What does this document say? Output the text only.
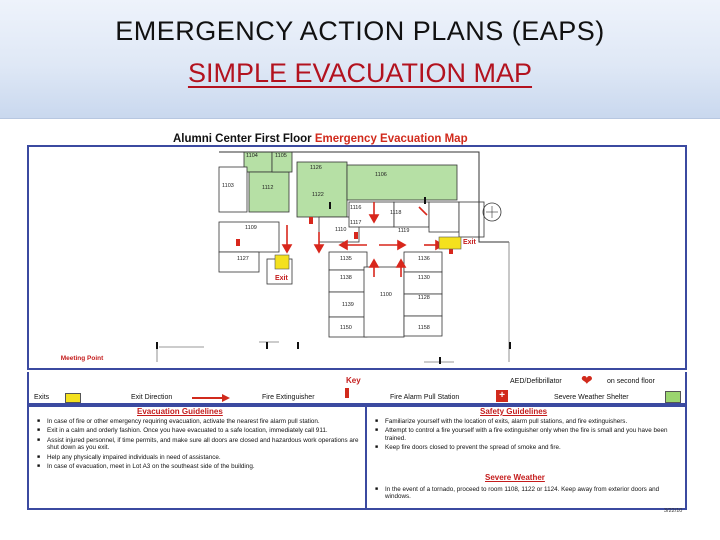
EMERGENCY ACTION PLANS (EAPS)
SIMPLE EVACUATION MAP
Alumni Center First Floor Emergency Evacuation Map
1104
1106
1103	1112
1105
1122
1126
1116
1117
1118
1119
1110
1109
1127	1135	1136
1138	1130
1139
1100	1128
1150	1158
Exit
Exit
Meeting Point
Key
Exits	Exit Direction	Fire Extinguisher	Fire Alarm Pull Station	+
AED/Defibrillator ❤	on second floor
Severe Weather Shelter
Evacuation Guidelines
■ In case of fire or other emergency requiring evacuation, activate the nearest fire alarm pull station.
■ Exit in a calm and orderly fashion. Once you have evacuated to a safe location, immediately call 911.
■ Assist injured personnel, if time permits, and make sure all doors are closed and hazardous work operations are shut down as you exit.
■ Help any physically impaired individuals in need of assistance.
■ In case of evacuation, meet in Lot A3 on the southeast side of the building.
Safety Guidelines
■ Familiarize yourself with the location of exits, alarm pull stations, and fire extinguishers.
■ Attempt to control a fire yourself with a fire extinguisher only when the fire is small and you have been trained.
■ Keep fire doors closed to prevent the spread of smoke and fire.
Severe Weather
■ In the event of a tornado, proceed to room 1108, 1122 or 1124. Keep away from exterior doors and windows.
3/22/10
